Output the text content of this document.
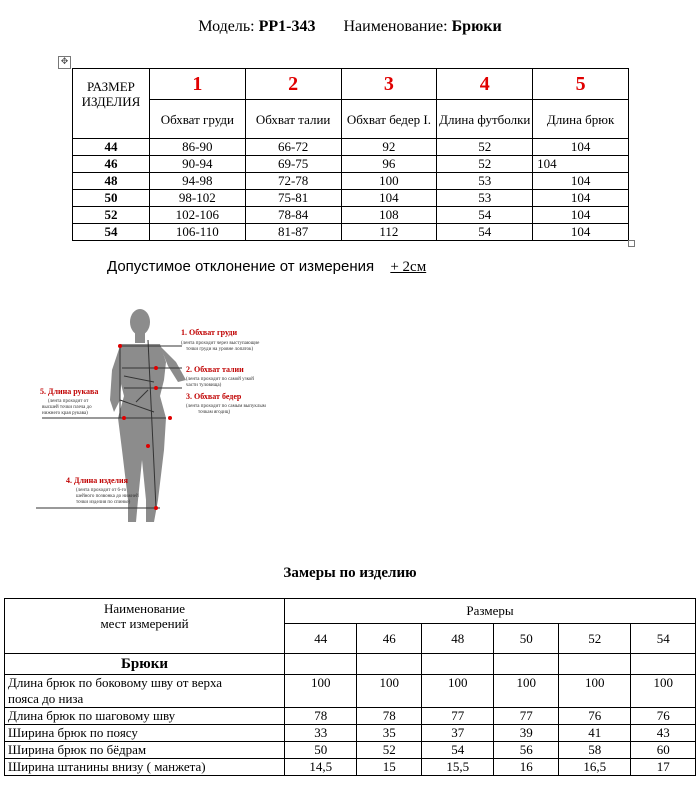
Модель: PP1-343 Наименование: Брюки
✥
РАЗМЕР ИЗДЕЛИЯ	1	2	3	4	5
	Обхват груди	Обхват талии	Обхват бедер I.	Длина футболки	Длина брюк
44	86-90	66-72	92	52	104
46	90-94	69-75	96	52	104
48	94-98	72-78	100	53	104
50	98-102	75-81	104	53	104
52	102-106	78-84	108	54	104
54	106-110	81-87	112	54	104
Допустимое отклонение от измерения + 2см
1. Обхват груди
(лента проходит через выступающие
точки груди на уровне лопаток)
2. Обхват талии
(лента проходит по самой узкой
части туловища)
3. Обхват бедер
(лента проходит по самым выпуклым
точкам ягодиц)
4. Длина изделия
(лента проходит от 6-го
шейного позвонка до нижней
точки изделия по спинке)
5. Длина рукава
(лента проходит от
высшей точки плеча до
нижнего края рукава)
Замеры по изделию
Наименование
мест измерений	Размеры					
	44	46	48	50	52	54
Брюки						
Длина брюк по боковому шву от верха
пояса до низа	100	100	100	100	100	100
Длина брюк по шаговому шву	78	78	77	77	76	76
Ширина брюк по поясу	33	35	37	39	41	43
Ширина брюк по бёдрам	50	52	54	56	58	60
Ширина штанины внизу ( манжета)	14,5	15	15,5	16	16,5	17
